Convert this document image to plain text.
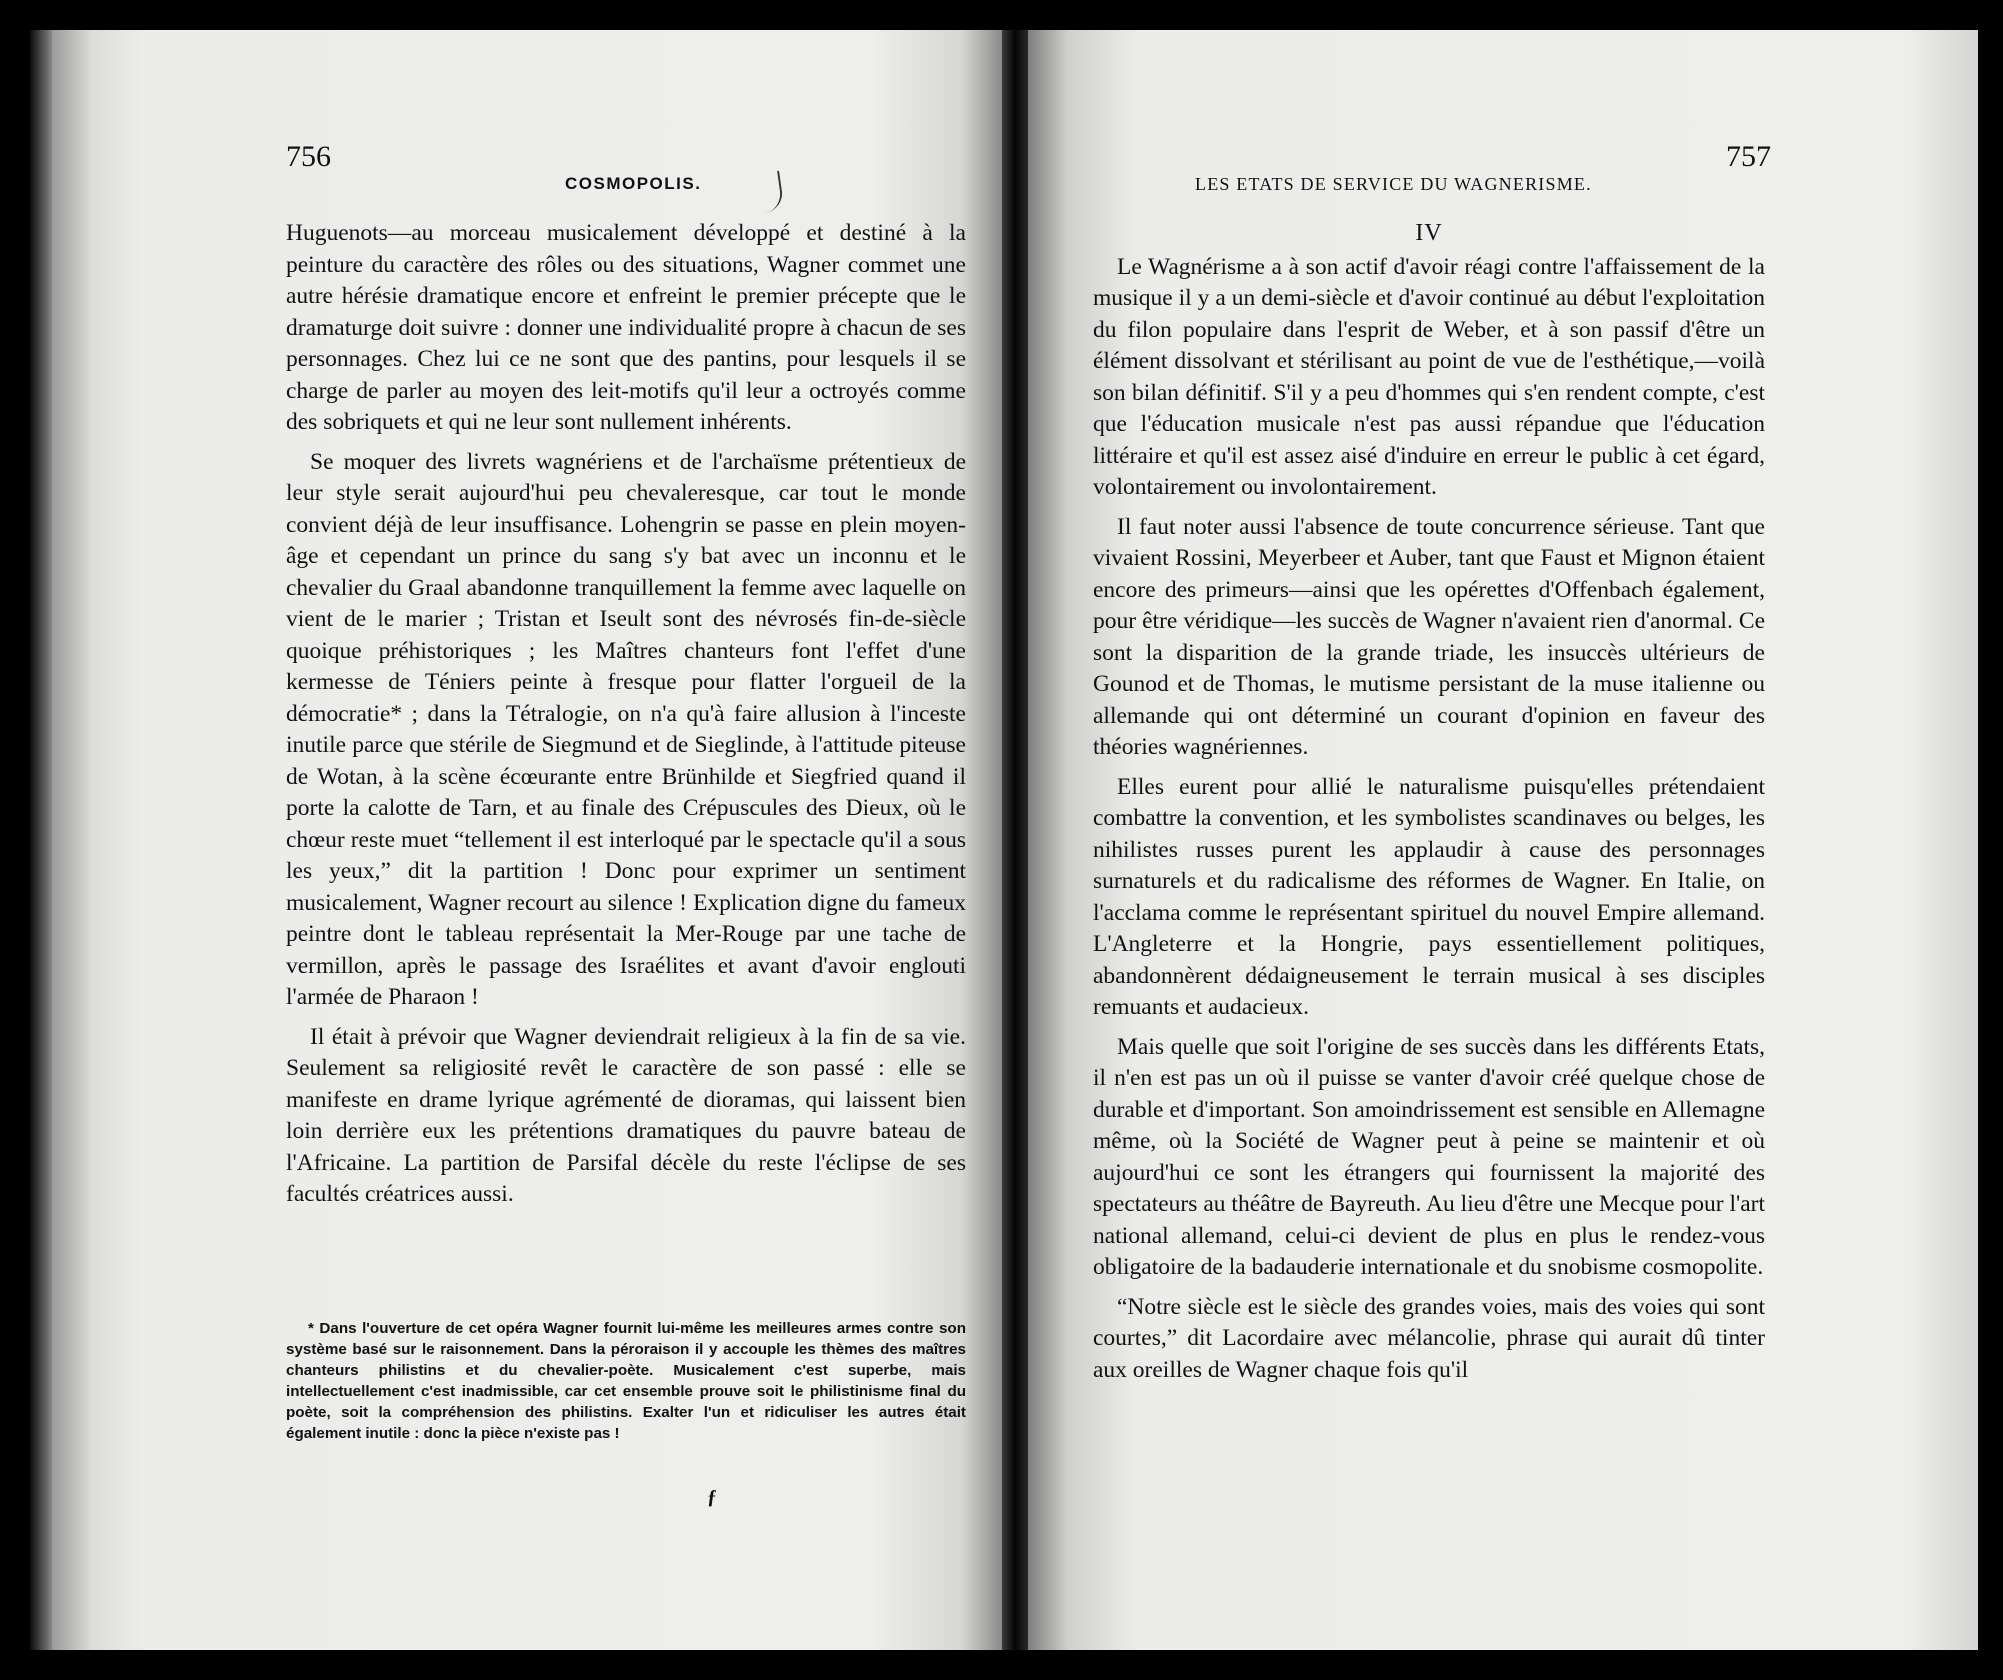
756
COSMOPOLIS.

Huguenots—au morceau musicalement développé et destiné à la peinture du caractère des rôles ou des situations, Wagner commet une autre hérésie dramatique encore et enfreint le premier précepte que le dramaturge doit suivre : donner une individualité propre à chacun de ses personnages. Chez lui ce ne sont que des pantins, pour lesquels il se charge de parler au moyen des leit-motifs qu'il leur a octroyés comme des sobriquets et qui ne leur sont nullement inhérents.

Se moquer des livrets wagnériens et de l'archaïsme prétentieux de leur style serait aujourd'hui peu chevaleresque, car tout le monde convient déjà de leur insuffisance. Lohengrin se passe en plein moyen-âge et cependant un prince du sang s'y bat avec un inconnu et le chevalier du Graal abandonne tranquillement la femme avec laquelle on vient de le marier ; Tristan et Iseult sont des névrosés fin-de-siècle quoique préhistoriques ; les Maîtres chanteurs font l'effet d'une kermesse de Téniers peinte à fresque pour flatter l'orgueil de la démocratie* ; dans la Tétralogie, on n'a qu'à faire allusion à l'inceste inutile parce que stérile de Siegmund et de Sieglinde, à l'attitude piteuse de Wotan, à la scène écœurante entre Brünhilde et Siegfried quand il porte la calotte de Tarn, et au finale des Crépuscules des Dieux, où le chœur reste muet “tellement il est interloqué par le spectacle qu'il a sous les yeux,” dit la partition ! Donc pour exprimer un sentiment musicalement, Wagner recourt au silence ! Explication digne du fameux peintre dont le tableau représentait la Mer-Rouge par une tache de vermillon, après le passage des Israélites et avant d'avoir englouti l'armée de Pharaon !

Il était à prévoir que Wagner deviendrait religieux à la fin de sa vie. Seulement sa religiosité revêt le caractère de son passé : elle se manifeste en drame lyrique agrémenté de dioramas, qui laissent bien loin derrière eux les prétentions dramatiques du pauvre bateau de l'Africaine. La partition de Parsifal décèle du reste l'éclipse de ses facultés créatrices aussi.

* Dans l'ouverture de cet opéra Wagner fournit lui-même les meilleures armes contre son système basé sur le raisonnement. Dans la péroraison il y accouple les thèmes des maîtres chanteurs philistins et du chevalier-poète. Musicalement c'est superbe, mais intellectuellement c'est inadmissible, car cet ensemble prouve soit le philistinisme final du poète, soit la compréhension des philistins. Exalter l'un et ridiculiser les autres était également inutile : donc la pièce n'existe pas !

ƒ
LES ETATS DE SERVICE DU WAGNERISME.
757
IV

Le Wagnérisme a à son actif d'avoir réagi contre l'affaissement de la musique il y a un demi-siècle et d'avoir continué au début l'exploitation du filon populaire dans l'esprit de Weber, et à son passif d'être un élément dissolvant et stérilisant au point de vue de l'esthétique,—voilà son bilan définitif. S'il y a peu d'hommes qui s'en rendent compte, c'est que l'éducation musicale n'est pas aussi répandue que l'éducation littéraire et qu'il est assez aisé d'induire en erreur le public à cet égard, volontairement ou involontairement.

Il faut noter aussi l'absence de toute concurrence sérieuse. Tant que vivaient Rossini, Meyerbeer et Auber, tant que Faust et Mignon étaient encore des primeurs—ainsi que les opérettes d'Offenbach également, pour être véridique—les succès de Wagner n'avaient rien d'anormal. Ce sont la disparition de la grande triade, les insuccès ultérieurs de Gounod et de Thomas, le mutisme persistant de la muse italienne ou allemande qui ont déterminé un courant d'opinion en faveur des théories wagnériennes.

Elles eurent pour allié le naturalisme puisqu'elles prétendaient combattre la convention, et les symbolistes scandinaves ou belges, les nihilistes russes purent les applaudir à cause des personnages surnaturels et du radicalisme des réformes de Wagner. En Italie, on l'acclama comme le représentant spirituel du nouvel Empire allemand. L'Angleterre et la Hongrie, pays essentiellement politiques, abandonnèrent dédaigneusement le terrain musical à ses disciples remuants et audacieux.

Mais quelle que soit l'origine de ses succès dans les différents Etats, il n'en est pas un où il puisse se vanter d'avoir créé quelque chose de durable et d'important. Son amoindrissement est sensible en Allemagne même, où la Société de Wagner peut à peine se maintenir et où aujourd'hui ce sont les étrangers qui fournissent la majorité des spectateurs au théâtre de Bayreuth. Au lieu d'être une Mecque pour l'art national allemand, celui-ci devient de plus en plus le rendez-vous obligatoire de la badauderie internationale et du snobisme cosmopolite.

“Notre siècle est le siècle des grandes voies, mais des voies qui sont courtes,” dit Lacordaire avec mélancolie, phrase qui aurait dû tinter aux oreilles de Wagner chaque fois qu'il
